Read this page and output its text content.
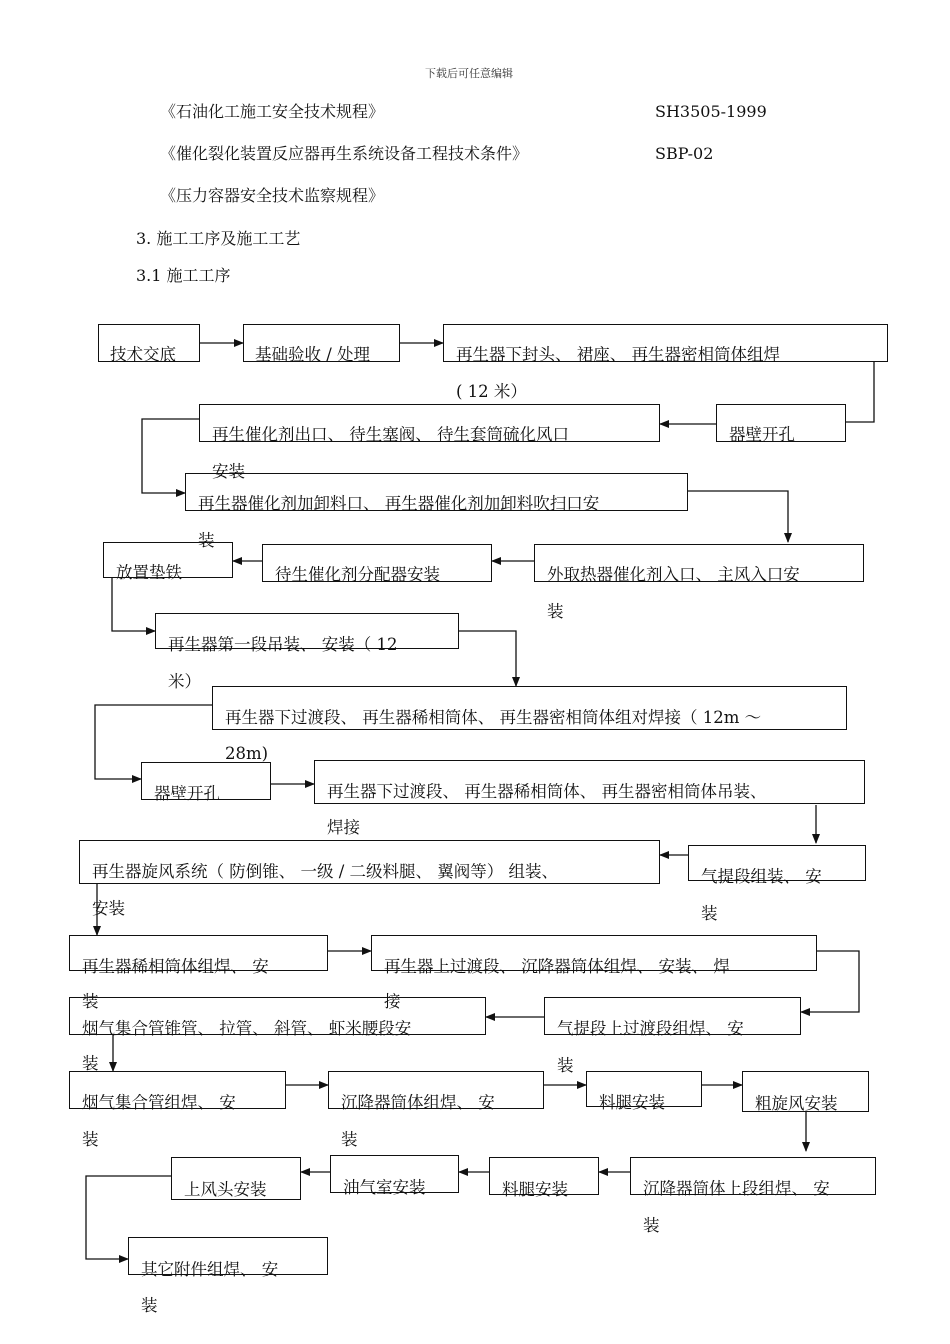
下载后可任意编辑
《石油化工施工安全技术规程》	SH3505-1999
《催化裂化装置反应器再生系统设备工程技术条件》	SBP-02
《压力容器安全技术监察规程》
3. 施工工序及施工工艺
3.1 施工工序
技术交底	基础验收 / 处理	再生器下封头、 裙座、 再生器密相筒体组焊
( 12 米）
器壁开孔
再生催化剂出口、 待生塞阀、 待生套筒硫化风口
安装
再生器催化剂加卸料口、 再生器催化剂加卸料吹扫口安
装
外取热器催化剂入口、 主风入口安
装
待生催化剂分配器安装
放置垫铁
再生器第一段吊装、 安装（ 12
米）
再生器下过渡段、 再生器稀相筒体、 再生器密相筒体组对焊接（ 12m ～
28m)
器壁开孔	再生器下过渡段、 再生器稀相筒体、 再生器密相筒体吊装、
焊接
气提段组装、 安
装
再生器旋风系统（ 防倒锥、 一级 / 二级料腿、 翼阀等） 组装、
安装
再生器稀相筒体组焊、 安
装
再生器上过渡段、 沉降器筒体组焊、 安装、 焊
接
气提段上过渡段组焊、 安
装
烟气集合管锥管、 拉管、 斜管、 虾米腰段安
装
烟气集合管组焊、 安
装
沉降器筒体组焊、 安
装
料腿安装	粗旋风安装
沉降器筒体上段组焊、 安
装
料腿安装
油气室安装
上风头安装
其它附件组焊、 安
装
